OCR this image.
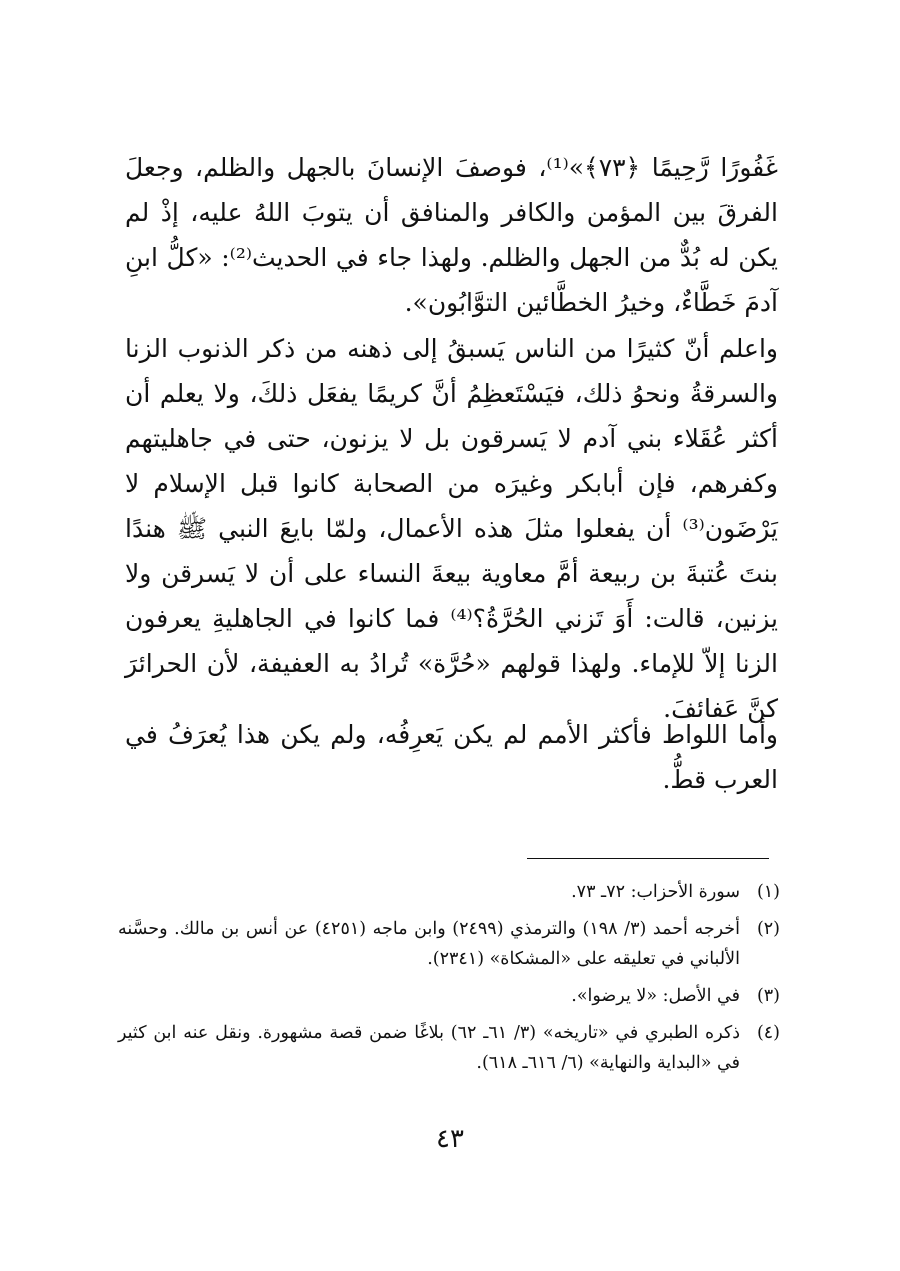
غَفُورًا رَّحِيمًا ﴿٧٣﴾»⁽¹⁾، فوصفَ الإنسانَ بالجهل والظلم، وجعلَ الفرقَ بين المؤمن والكافر والمنافق أن يتوبَ اللهُ عليه، إذْ لم يكن له بُدٌّ من الجهل والظلم. ولهذا جاء في الحديث⁽²⁾: «كلُّ ابنِ آدمَ خَطَّاءٌ، وخيرُ الخطَّائين التوَّابُون».

واعلم أنّ كثيرًا من الناس يَسبقُ إلى ذهنه من ذكر الذنوب الزنا والسرقةُ ونحوُ ذلك، فيَسْتَعظِمُ أنَّ كريمًا يفعَل ذلكَ، ولا يعلم أن أكثر عُقَلاء بني آدم لا يَسرقون بل لا يزنون، حتى في جاهليتهم وكفرهم، فإن أبابكر وغيرَه من الصحابة كانوا قبل الإسلام لا يَرْضَون⁽³⁾ أن يفعلوا مثلَ هذه الأعمال، ولمّا بايعَ النبي ﷺ هندًا بنتَ عُتبةَ بن ربيعة أمَّ معاوية بيعةَ النساء على أن لا يَسرقن ولا يزنين، قالت: أَوَ تَزني الحُرَّةُ؟⁽⁴⁾ فما كانوا في الجاهليةِ يعرفون الزنا إلاّ للإماء. ولهذا قولهم «حُرَّة» تُرادُ به العفيفة، لأن الحرائرَ كنَّ عَفائفَ.

وأما اللواط فأكثر الأمم لم يكن يَعرِفُه، ولم يكن هذا يُعرَفُ في العرب قطُّ.

(١)
سورة الأحزاب: ٧٢ـ ٧٣.
(٢)
أخرجه أحمد (٣/ ١٩٨) والترمذي (٢٤٩٩) وابن ماجه (٤٢٥١) عن أنس بن مالك. وحسَّنه الألباني في تعليقه على «المشكاة» (٢٣٤١).
(٣)
في الأصل: «لا يرضوا».
(٤)
ذكره الطبري في «تاريخه» (٣/ ٦١ـ ٦٢) بلاغًا ضمن قصة مشهورة. ونقل عنه ابن كثير في «البداية والنهاية» (٦/ ٦١٦ـ ٦١٨).
٤٣
